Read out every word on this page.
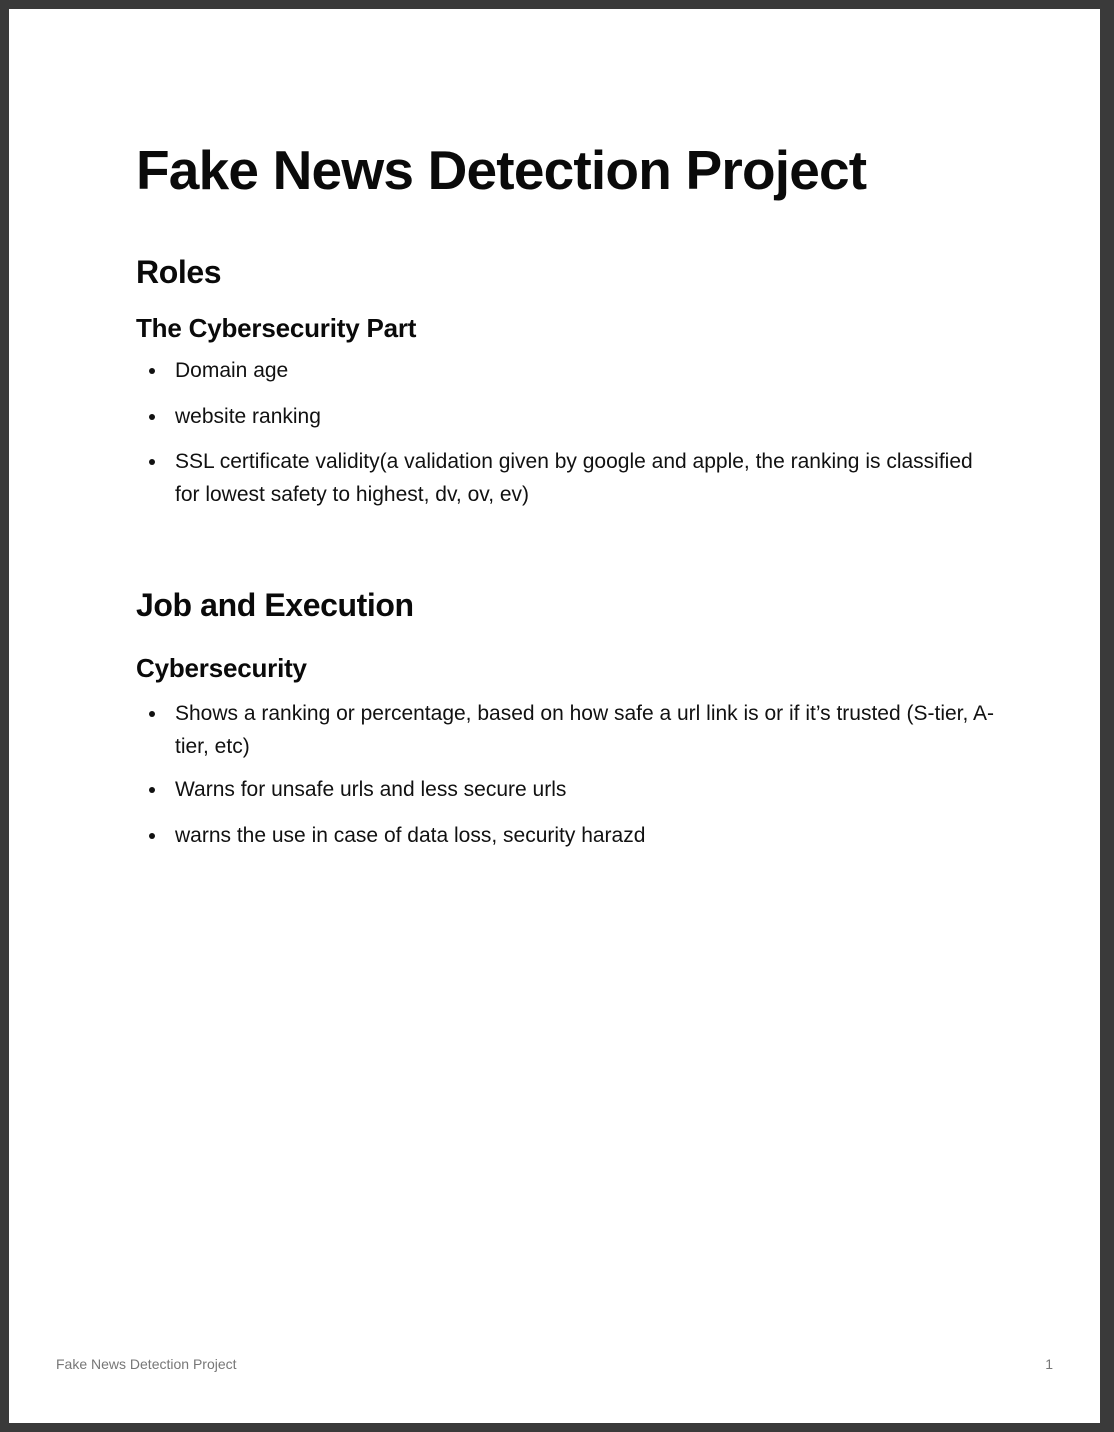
Fake News Detection Project
Roles
The Cybersecurity Part
Domain age
website ranking
SSL certificate validity(a validation given by google and apple, the ranking is classified for lowest safety to highest, dv, ov, ev)
Job and Execution
Cybersecurity
Shows a ranking or percentage, based on how safe a url link is or if it’s trusted (S-tier, A-tier, etc)
Warns for unsafe urls and less secure urls
warns the use in case of data loss, security harazd
Fake News Detection Project	1
